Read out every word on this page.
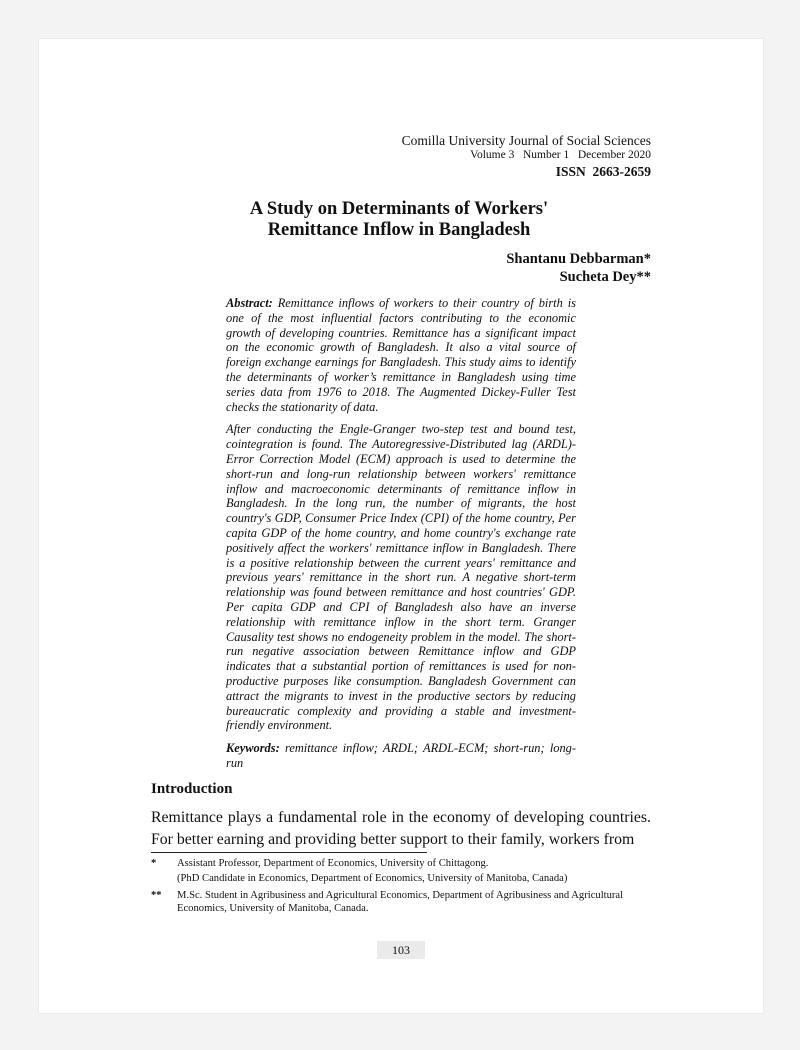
Comilla University Journal of Social Sciences
Volume 3   Number 1   December 2020
ISSN  2663-2659
A Study on Determinants of Workers'
Remittance Inflow in Bangladesh
Shantanu Debbarman*
Sucheta Dey**

Abstract: Remittance inflows of workers to their country of birth is one of the most influential factors contributing to the economic growth of developing countries. Remittance has a significant impact on the economic growth of Bangladesh. It also a vital source of foreign exchange earnings for Bangladesh. This study aims to identify the determinants of worker’s remittance in Bangladesh using time series data from 1976 to 2018. The Augmented Dickey-Fuller Test checks the stationarity of data.

After conducting the Engle-Granger two-step test and bound test, cointegration is found. The Autoregressive-Distributed lag (ARDL)-Error Correction Model (ECM) approach is used to determine the short-run and long-run relationship between workers' remittance inflow and macroeconomic determinants of remittance inflow in Bangladesh. In the long run, the number of migrants, the host country's GDP, Consumer Price Index (CPI) of the home country, Per capita GDP of the home country, and home country's exchange rate positively affect the workers' remittance inflow in Bangladesh. There is a positive relationship between the current years' remittance and previous years' remittance in the short run. A negative short-term relationship was found between remittance and host countries' GDP. Per capita GDP and CPI of Bangladesh also have an inverse relationship with remittance inflow in the short term. Granger Causality test shows no endogeneity problem in the model. The short-run negative association between Remittance inflow and GDP indicates that a substantial portion of remittances is used for non-productive purposes like consumption. Bangladesh Government can attract the migrants to invest in the productive sectors by reducing bureaucratic complexity and providing a stable and investment-friendly environment.

Keywords: remittance inflow; ARDL; ARDL-ECM; short-run; long-run

Introduction

Remittance plays a fundamental role in the economy of developing countries. For better earning and providing better support to their family, workers from

*	Assistant Professor, Department of Economics, University of Chittagong.
(PhD Candidate in Economics, Department of Economics, University of Manitoba, Canada)
**	M.Sc. Student in Agribusiness and Agricultural Economics, Department of Agribusiness and Agricultural Economics, University of Manitoba, Canada.
103
